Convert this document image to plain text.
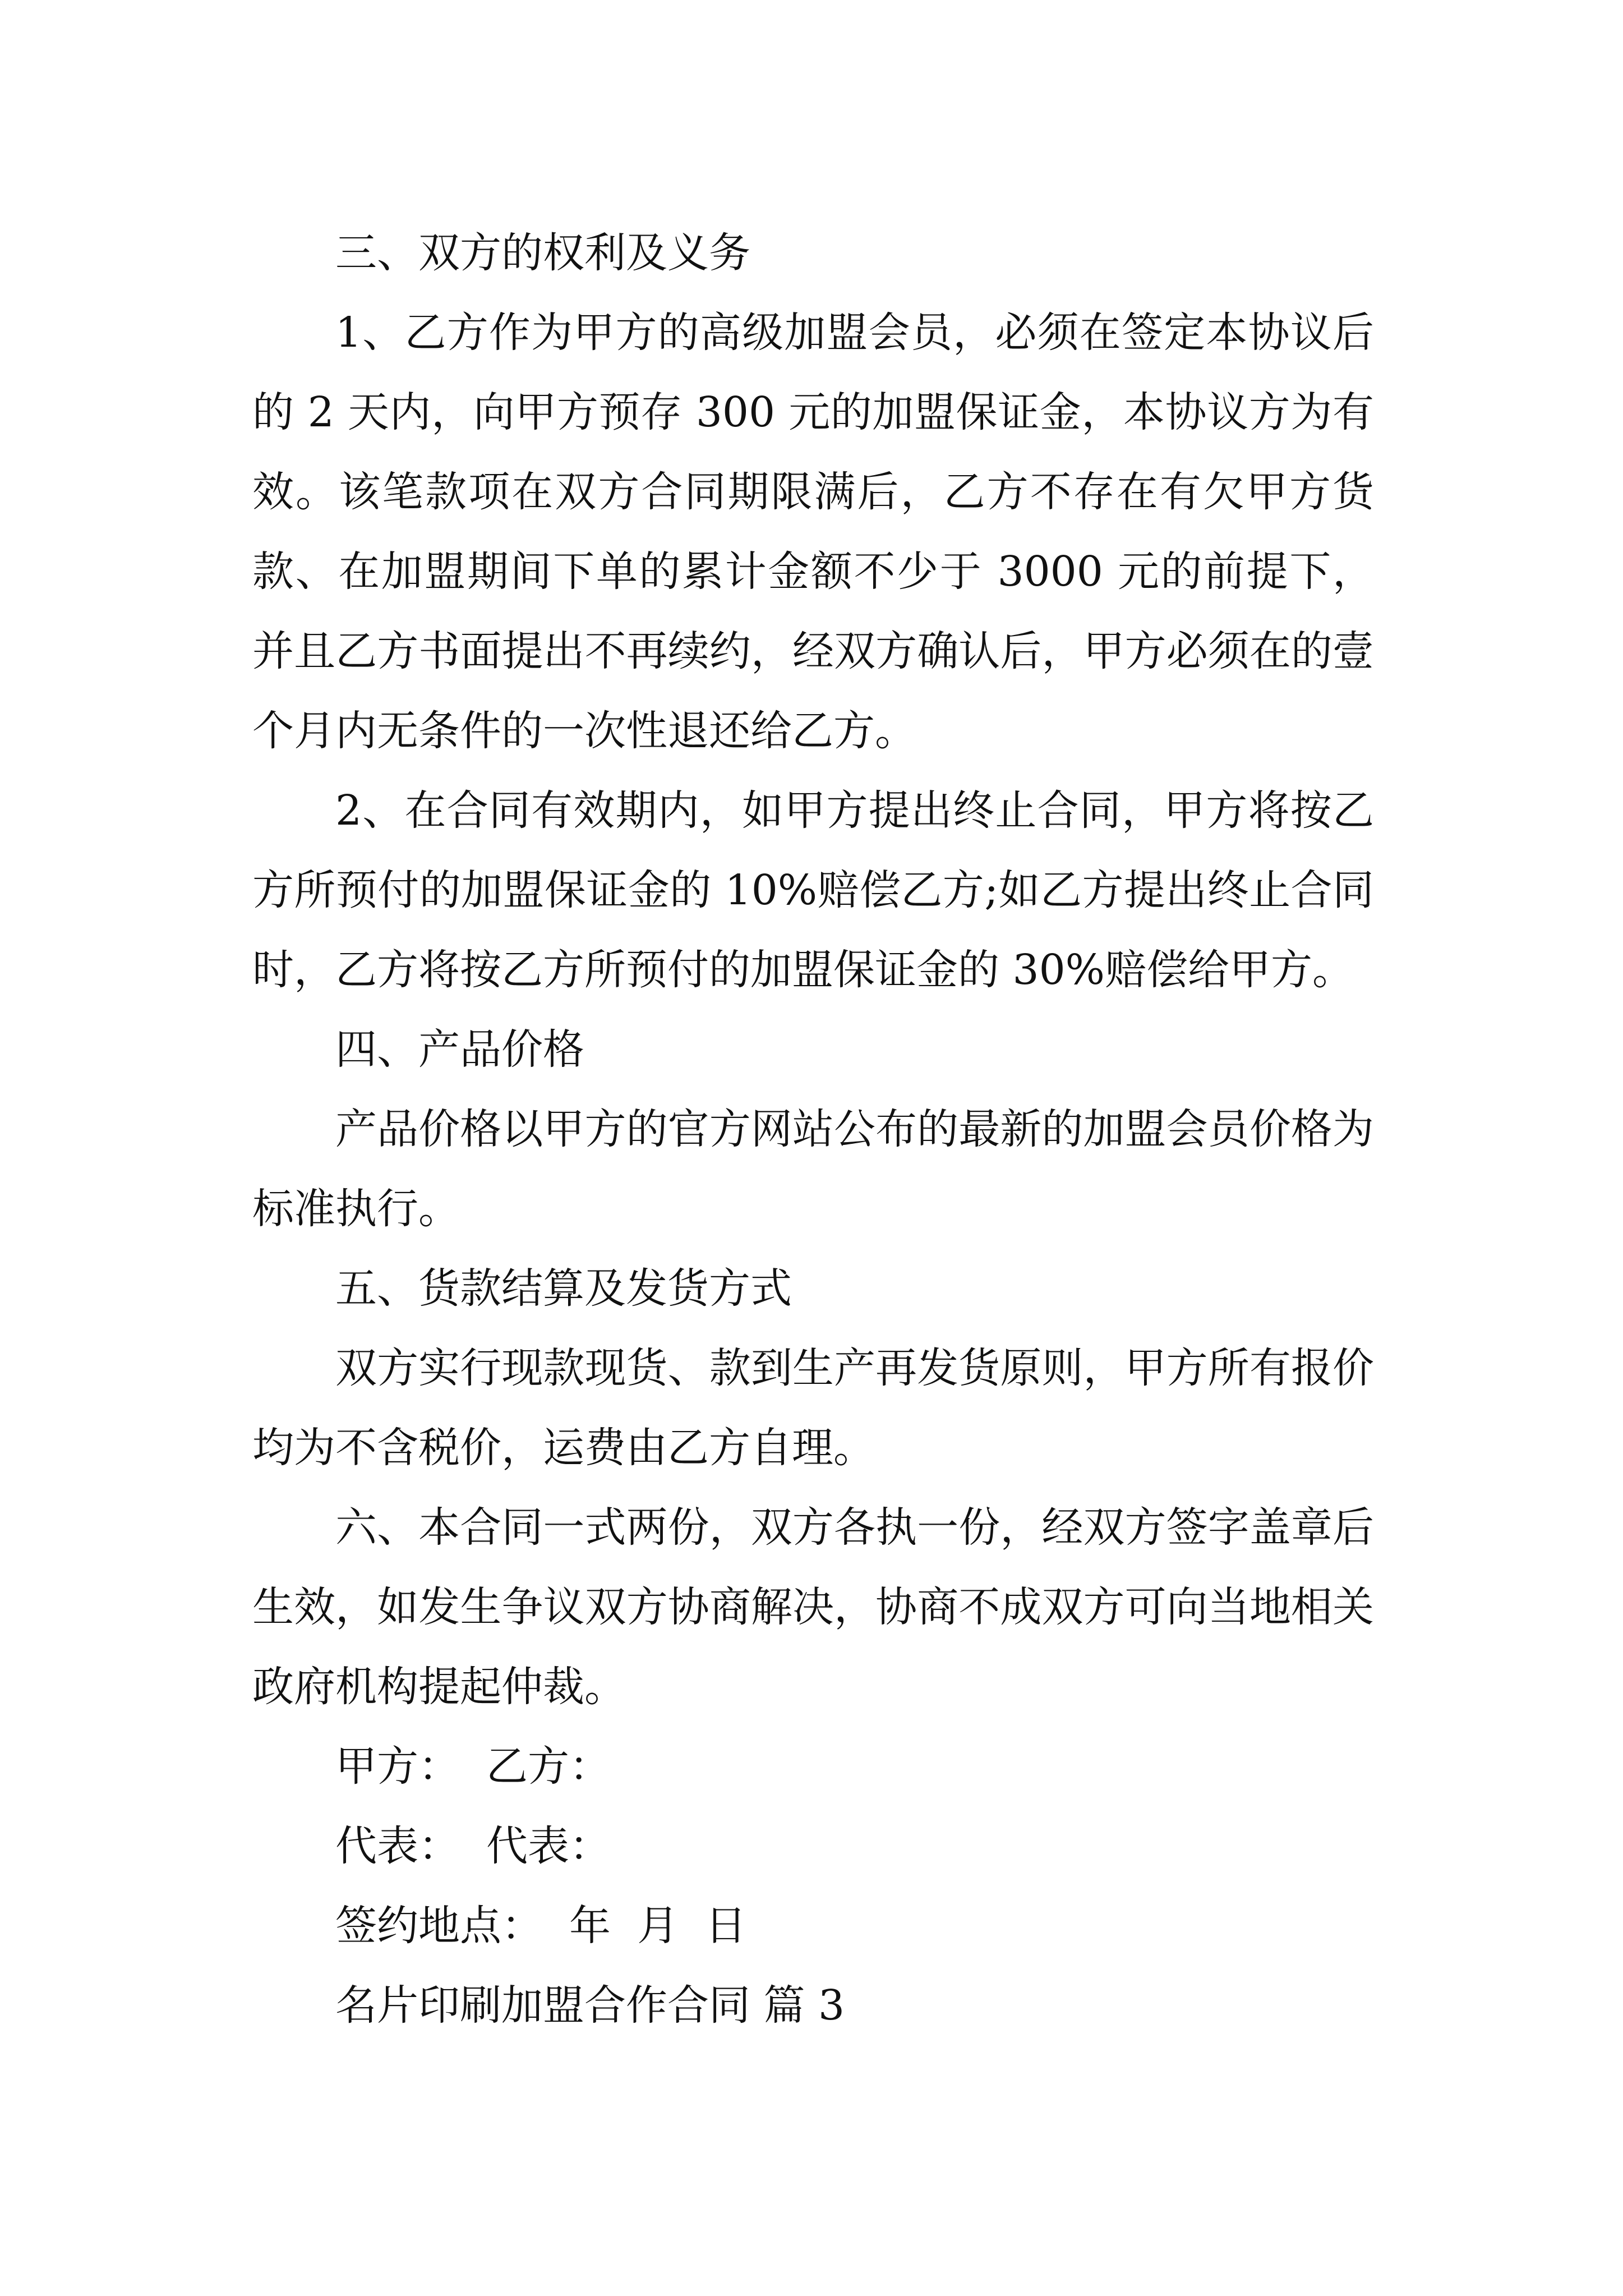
三、双方的权利及义务

1、乙方作为甲方的高级加盟会员，必须在签定本协议后的 2 天内，向甲方预存 300 元的加盟保证金，本协议方为有效。该笔款项在双方合同期限满后，乙方不存在有欠甲方货款、在加盟期间下单的累计金额不少于 3000 元的前提下，并且乙方书面提出不再续约，经双方确认后，甲方必须在的壹个月内无条件的一次性退还给乙方。

2、在合同有效期内，如甲方提出终止合同，甲方将按乙方所预付的加盟保证金的 10%赔偿乙方;如乙方提出终止合同时，乙方将按乙方所预付的加盟保证金的 30%赔偿给甲方。

四、产品价格

产品价格以甲方的官方网站公布的最新的加盟会员价格为标准执行。

五、货款结算及发货方式

双方实行现款现货、款到生产再发货原则，甲方所有报价均为不含税价，运费由乙方自理。

六、本合同一式两份，双方各执一份，经双方签字盖章后生效，如发生争议双方协商解决，协商不成双方可向当地相关政府机构提起仲裁。

甲方：  乙方：

代表：  代表：

签约地点：  年  月  日

名片印刷加盟合作合同 篇 3
